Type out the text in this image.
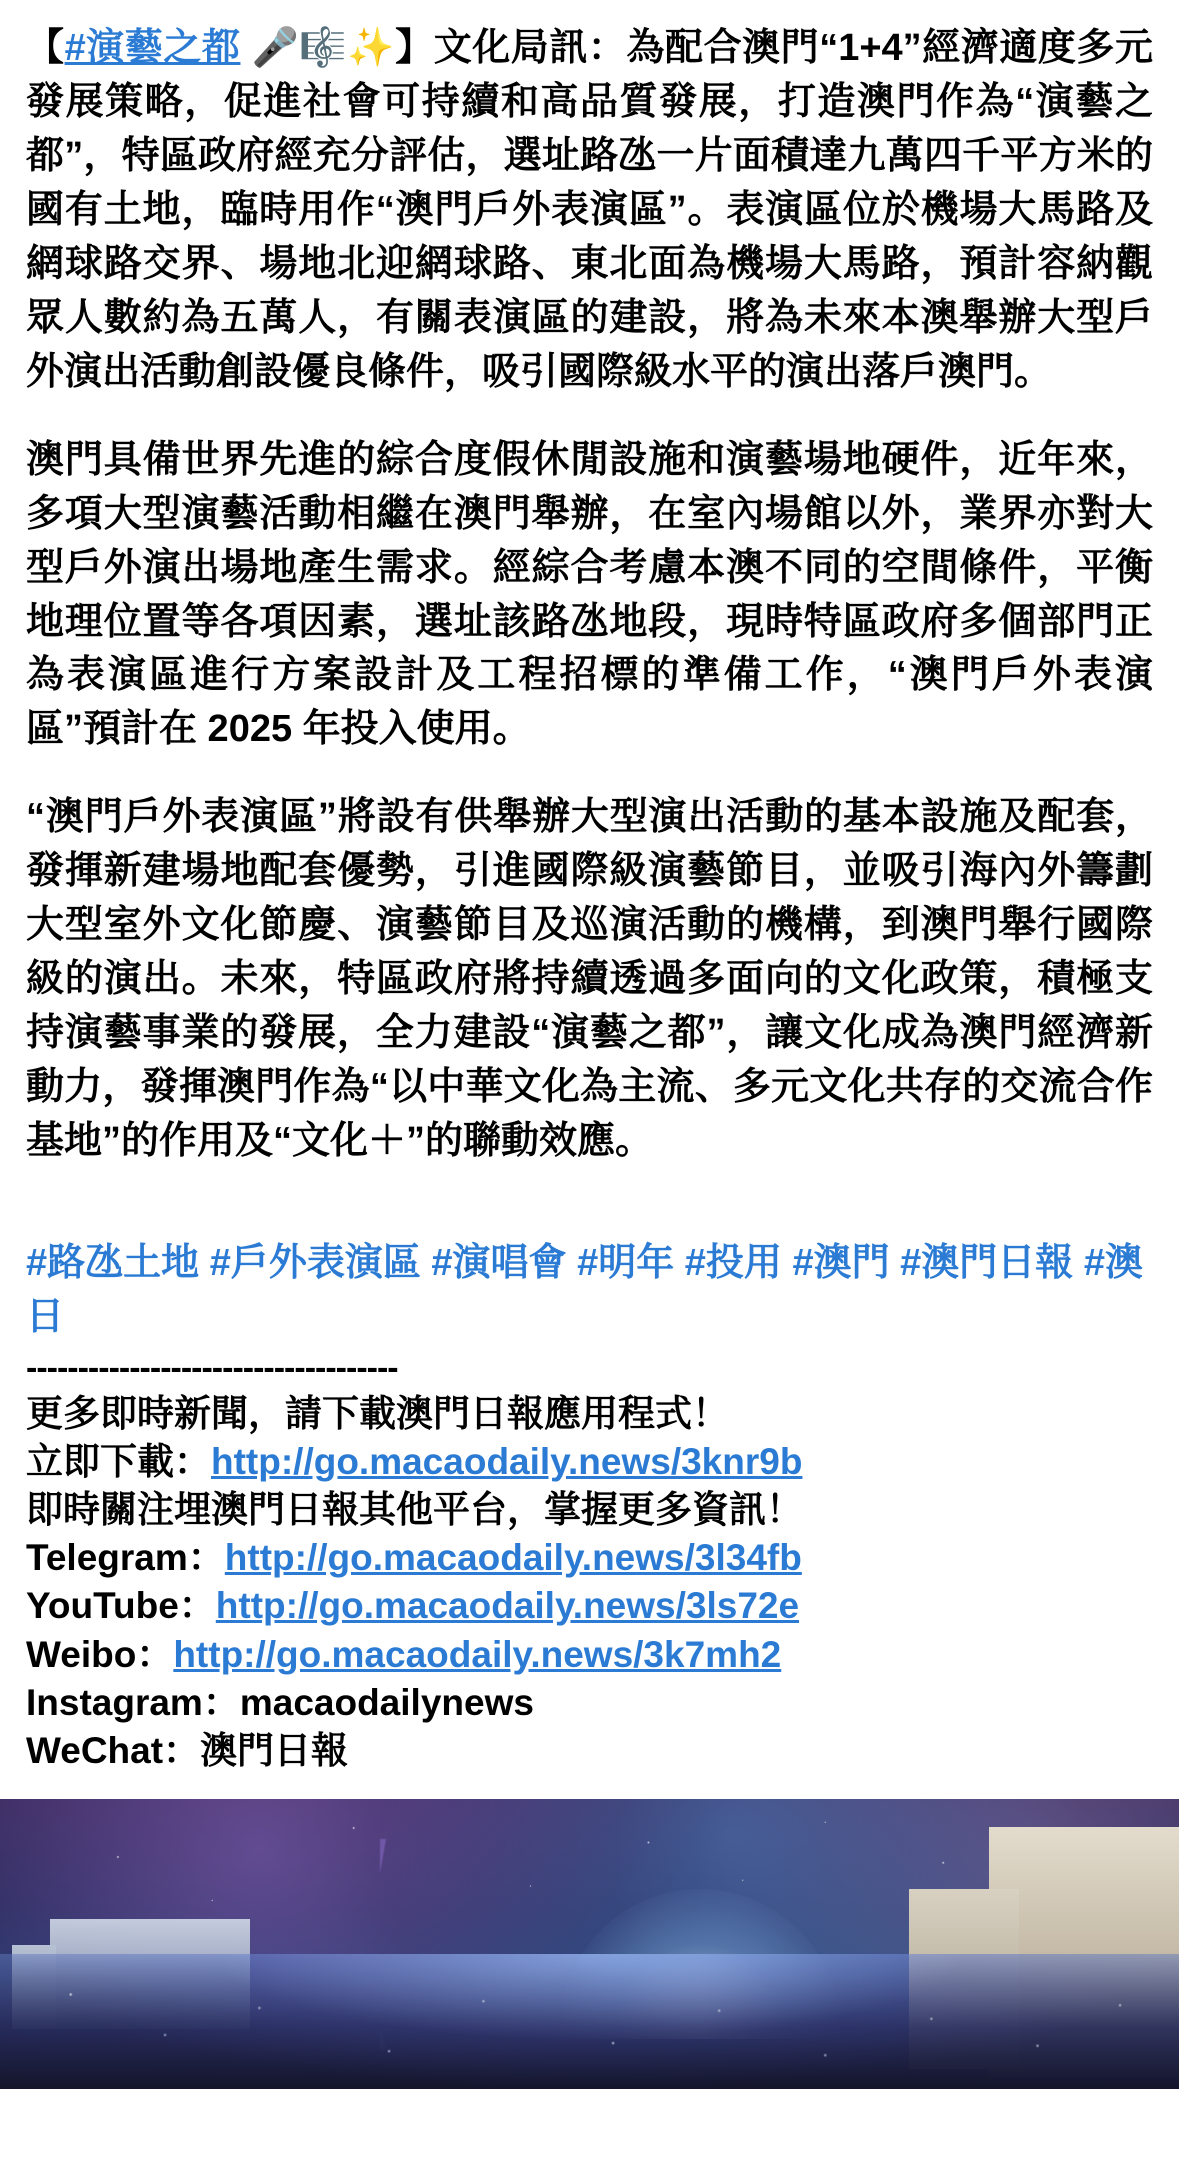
【#演藝之都 🎤🎼✨】文化局訊：為配合澳門“1+4”經濟適度多元發展策略，促進社會可持續和高品質發展，打造澳門作為“演藝之都”，特區政府經充分評估，選址路氹一片面積達九萬四千平方米的國有土地，臨時用作“澳門戶外表演區”。表演區位於機場大馬路及網球路交界、場地北迎網球路、東北面為機場大馬路，預計容納觀眾人數約為五萬人，有關表演區的建設，將為未來本澳舉辦大型戶外演出活動創設優良條件，吸引國際級水平的演出落戶澳門。

澳門具備世界先進的綜合度假休閒設施和演藝場地硬件，近年來，多項大型演藝活動相繼在澳門舉辦，在室內場館以外，業界亦對大型戶外演出場地產生需求。經綜合考慮本澳不同的空間條件，平衡地理位置等各項因素，選址該路氹地段，現時特區政府多個部門正為表演區進行方案設計及工程招標的準備工作，“澳門戶外表演區”預計在 2025 年投入使用。

“澳門戶外表演區”將設有供舉辦大型演出活動的基本設施及配套，發揮新建場地配套優勢，引進國際級演藝節目，並吸引海內外籌劃大型室外文化節慶、演藝節目及巡演活動的機構，到澳門舉行國際級的演出。未來，特區政府將持續透過多面向的文化政策，積極支持演藝事業的發展，全力建設“演藝之都”，讓文化成為澳門經濟新動力，發揮澳門作為“以中華文化為主流、多元文化共存的交流合作基地”的作用及“文化＋”的聯動效應。

#路氹土地 #戶外表演區 #演唱會 #明年 #投用 #澳門 #澳門日報 #澳日

------------------------------------
更多即時新聞，請下載澳門日報應用程式！
立即下載：http://go.macaodaily.news/3knr9b
即時關注埋澳門日報其他平台，掌握更多資訊！
Telegram：http://go.macaodaily.news/3l34fb
YouTube：http://go.macaodaily.news/3ls72e
Weibo：http://go.macaodaily.news/3k7mh2
Instagram：macaodailynews
WeChat：澳門日報
